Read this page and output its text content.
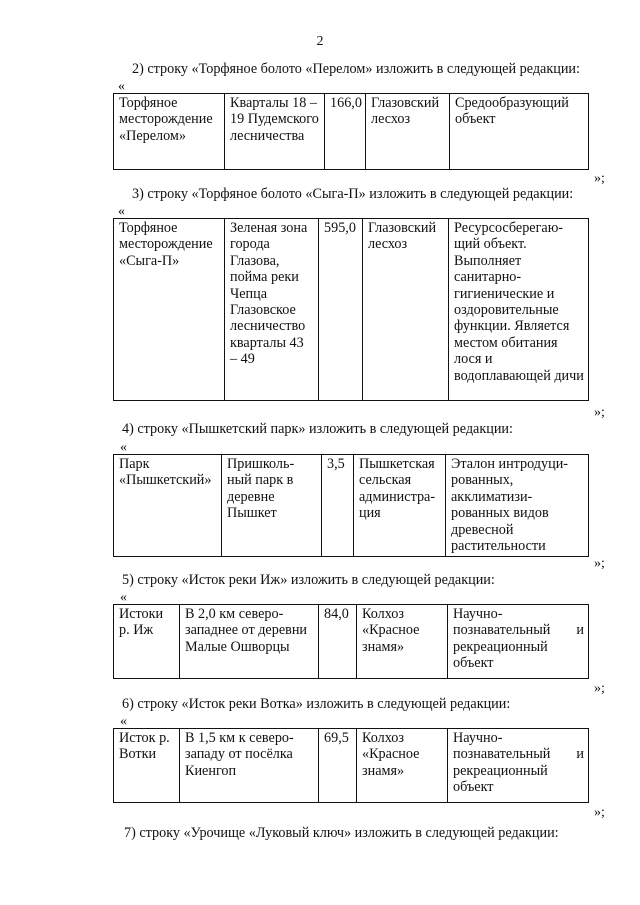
2
2) строку «Торфяное болото «Перелом» изложить в следующей редакции:
«
Торфяное месторождение «Перелом»	Кварталы 18 – 19 Пудемского лесничества	166,0	Глазовский лесхоз	Средообразующий объект
»;
3) строку «Торфяное болото «Сыга-П» изложить в следующей редакции:
«
Торфяное месторождение «Сыга-П»	Зеленая зона города Глазова, пойма реки Чепца Глазовское лесничество кварталы 43 – 49	595,0	Глазовский лесхоз	Ресурсосберегаю-щий объект. Выполняет санитарно-гигиенические и оздоровительные функции. Является местом обитания лося и водоплавающей дичи
»;
4) строку «Пышкетский парк» изложить в следующей редакции:
«
Парк «Пышкетский»	Пришколь-ный парк в деревне Пышкет	3,5	Пышкетская сельская администра-ция	Эталон интродуци-рованных, акклиматизи-рованных видов древесной растительности
»;
5) строку «Исток реки Иж» изложить в следующей редакции:
«
Истоки р. Иж	В 2,0 км северо-западнее от деревни Малые Ошворцы	84,0	Колхоз «Красное знамя»	Научно-познавательный и рекреационный объект
»;
6) строку «Исток реки Вотка» изложить в следующей редакции:
«
Исток р. Вотки	В 1,5 км к северо-западу от посёлка Киенгоп	69,5	Колхоз «Красное знамя»	Научно-познавательный и рекреационный объект
»;
7) строку «Урочище «Луковый ключ» изложить в следующей редакции:
